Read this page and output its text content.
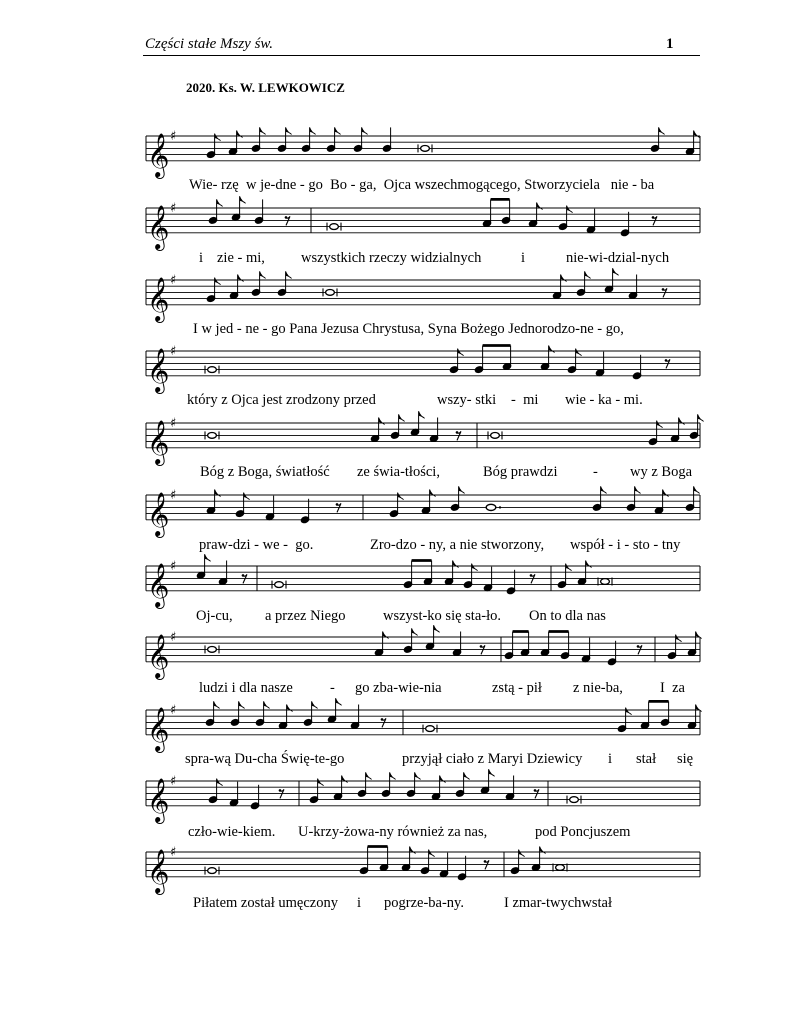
Części stałe Mszy św.	1
2020. Ks. W. LEWKOWICZ
𝄞 ♯
𝄞 ♯
𝄞 ♯
𝄞 ♯
𝄞 ♯
𝄞 ♯
𝄞 ♯
𝄞 ♯
𝄞 ♯
𝄞 ♯
𝄞 ♯
Wie- rzę  w je-dne - go  Bo - ga,  Ojca wszechmogącego, Stworzyciela   nie - ba
i zie - mi, wszystkich rzeczy widzialnych	i	nie-wi-dzial-nych
I w jed - ne - go Pana Jezusa Chrystusa, Syna Bożego Jednorodzo-ne - go,
który z Ojca jest zrodzony przed	wszy- stki -  mi wie - ka - mi.
Bóg z Boga, światłość ze świa-tłości,	Bóg prawdzi - wy z Boga
praw-dzi - we -  go.	Zro-dzo - ny, a nie stworzony, współ - i - sto - tny
Oj-cu, a przez Niego	wszyst-ko się sta-ło. On to dla nas
ludzi i dla nasze	- go zba-wie-nia	zstą - pił z nie-ba,	I  za
spra-wą Du-cha Świę-te-go	przyjął ciało z Maryi Dziewicy i stał się
czło-wie-kiem. U-krzy-żowa-ny również za nas,	pod Poncjuszem
Piłatem został umęczony i pogrze-ba-ny.	I zmar-twychwstał
